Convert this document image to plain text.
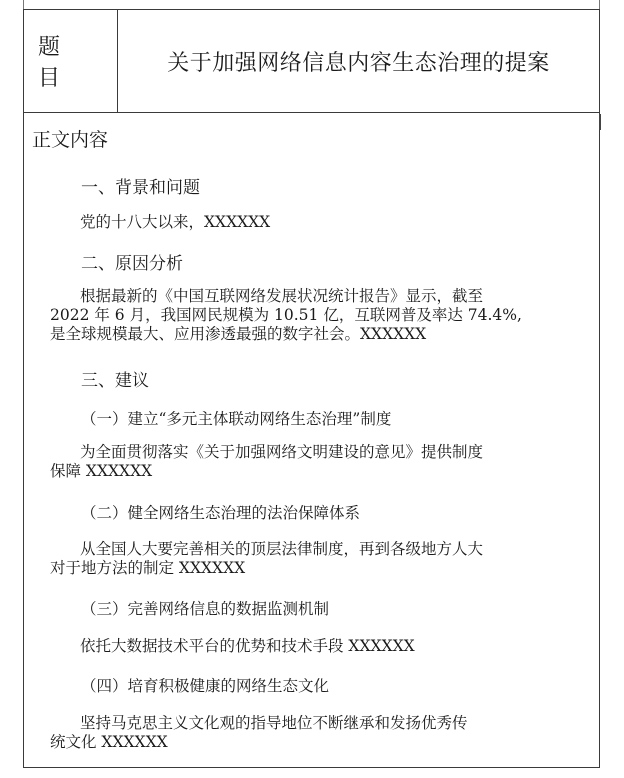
题 目
关于加强网络信息内容生态治理的提案
正文内容
一、背景和问题
党的十八大以来，XXXXXX
二、原因分析
根据最新的《中国互联网络发展状况统计报告》显示，截至
2022 年 6 月，我国网民规模为 10.51 亿，互联网普及率达 74.4%,
是全球规模最大、应用渗透最强的数字社会。XXXXXX
三、建议
（一）建立“多元主体联动网络生态治理”制度
为全面贯彻落实《关于加强网络文明建设的意见》提供制度
保障 XXXXXX
（二）健全网络生态治理的法治保障体系
从全国人大要完善相关的顶层法律制度，再到各级地方人大
对于地方法的制定 XXXXXX
（三）完善网络信息的数据监测机制
依托大数据技术平台的优势和技术手段 XXXXXX
（四）培育积极健康的网络生态文化
坚持马克思主义文化观的指导地位不断继承和发扬优秀传
统文化 XXXXXX
